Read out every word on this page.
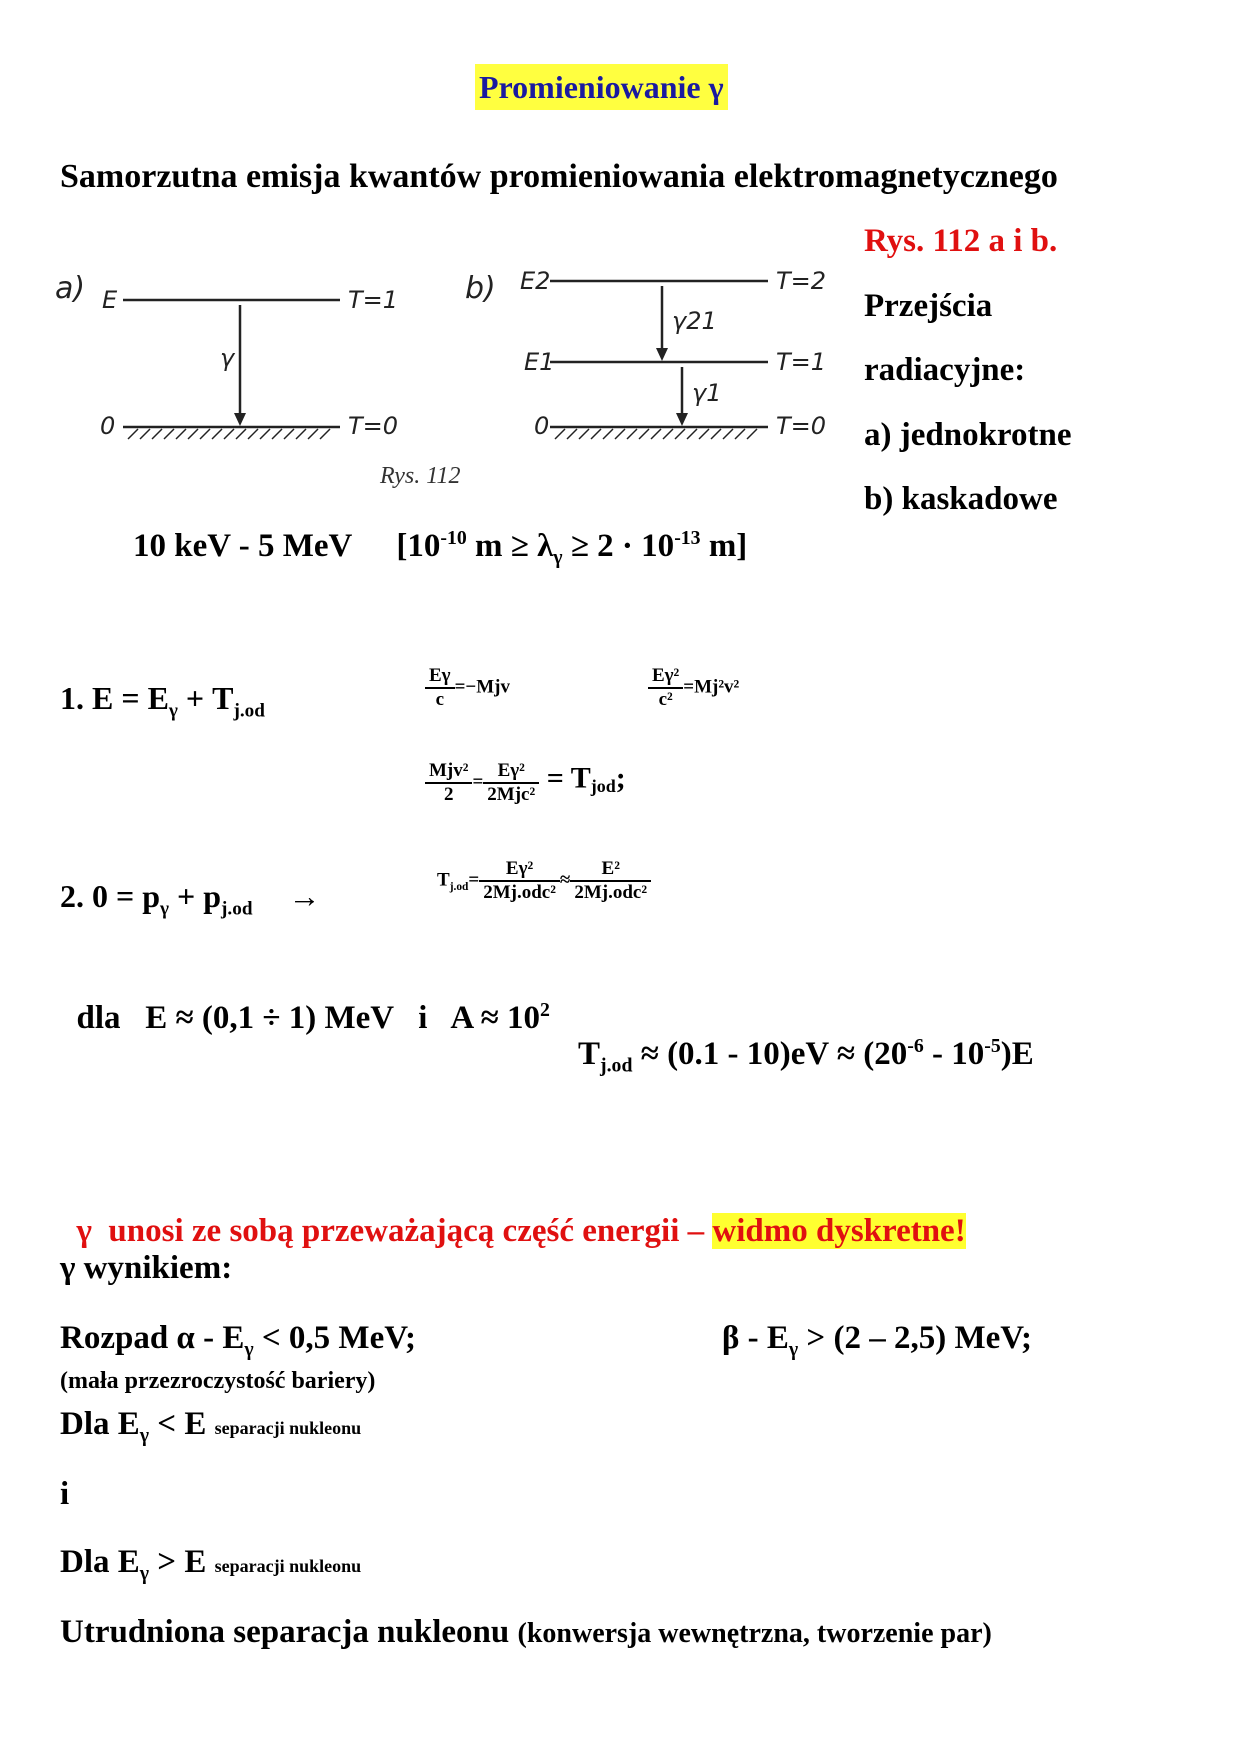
Promieniowanie γ
Samorzutna emisja kwantów promieniowania elektromagnetycznego
a) E	T=1
γ
0	T=0
b) E2	T=2
γ21
E1	T=1
γ1
0	T=0
Rys. 112
Rys. 112 a i b.
Przejścia
radiacyjne:
a) jednokrotne
b) kaskadowe
10 keV - 5 MeV [$10^{-10}$ $m \ge \lambda_\gamma \ge 2 \cdot 10^{-13}$ m]
1. $E = E_\gamma + T_{j.od}$	$\frac{E\gamma}{c} =-Mjv$	$\frac{\text{Eγ²}}{\text{c²}} =Mj^2v^2$
$\frac{\text{Mjv²}}{2} = \frac{\text{Eγ²}}{\text{2Mjc²}} = T_{jod}$;
2. $0 = p_\gamma + p_{j.od}$ →	$T_{j.od}= \frac{\text{Eγ²}}{\text{2Mj.odc²}} \approx \frac{\text{E²}}{\text{2Mj.odc²}}$

dla   E ≈ (0,1 ÷ 1) MeV   i   $A \approx 10^2$

$T_{j.od} \approx (0.1 - 10)eV \approx (20^{-6} - 10^{-5})E$

γ  unosi ze sobą przeważającą część energii – widmo dyskretne!

γ wynikiem:
Rozpad $\alpha - E_\gamma < 0,5$ MeV;	$\beta - E_\gamma > (2 - 2,5)$ MeV;
(mała przezroczystość bariery)
Dla $E_\gamma < E$ separacji nukleonu
i
Dla $E_\gamma > E$ separacji nukleonu
Utrudniona separacja nukleonu (konwersja wewnętrzna, tworzenie par)
